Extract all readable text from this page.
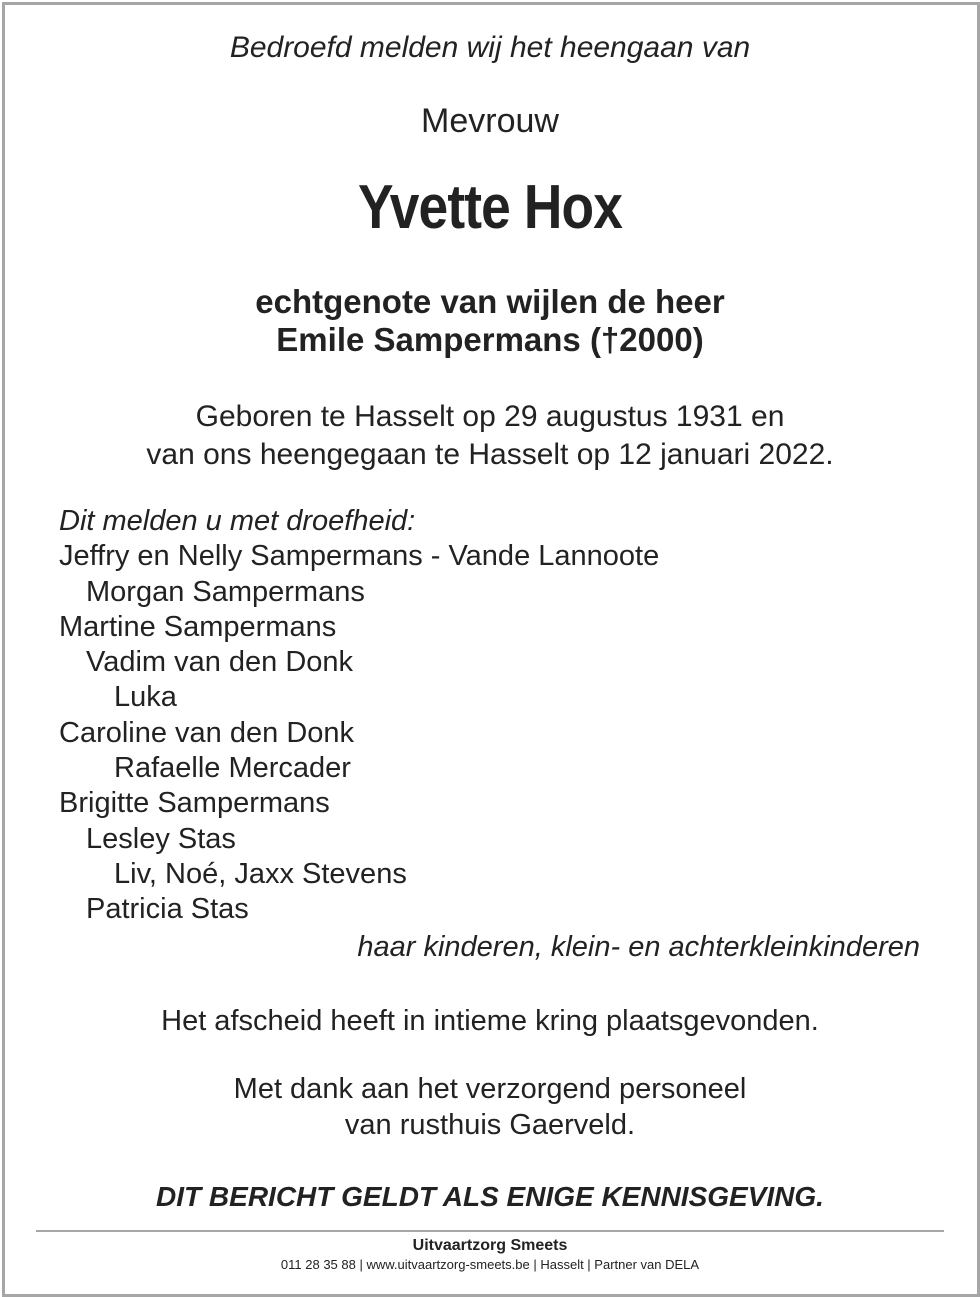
Bedroefd melden wij het heengaan van
Mevrouw
Yvette Hox
echtgenote van wijlen de heer
Emile Sampermans (†2000)
Geboren te Hasselt op 29 augustus 1931 en
van ons heengegaan te Hasselt op 12 januari 2022.
Dit melden u met droefheid:
Jeffry en Nelly Sampermans - Vande Lannoote
Morgan Sampermans
Martine Sampermans
Vadim van den Donk
Luka
Caroline van den Donk
Rafaelle Mercader
Brigitte Sampermans
Lesley Stas
Liv, Noé, Jaxx Stevens
Patricia Stas
haar kinderen, klein- en achterkleinkinderen
Het afscheid heeft in intieme kring plaatsgevonden.
Met dank aan het verzorgend personeel
van rusthuis Gaerveld.
DIT BERICHT GELDT ALS ENIGE KENNISGEVING.
Uitvaartzorg Smeets
011 28 35 88 | www.uitvaartzorg-smeets.be | Hasselt | Partner van DELA
